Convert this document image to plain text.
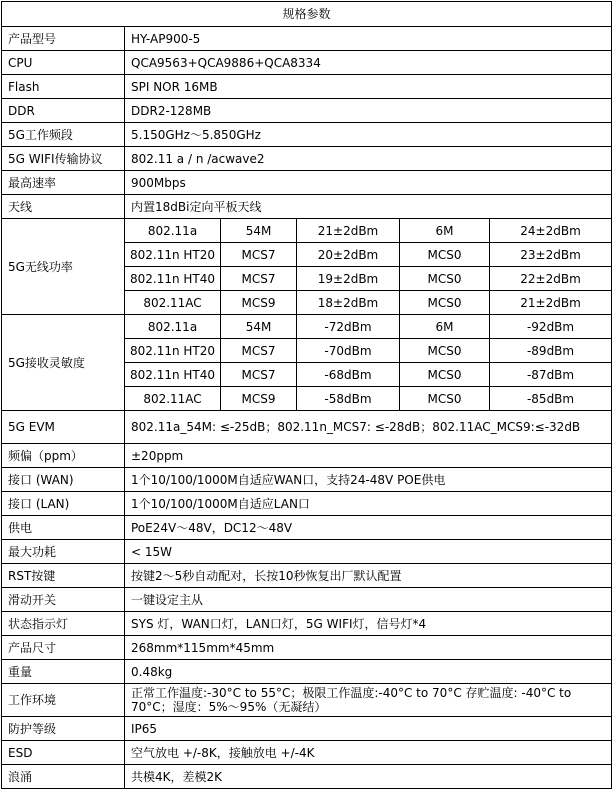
规格参数					
产品型号	HY-AP900-5				
CPU	QCA9563+QCA9886+QCA8334				
Flash	SPI NOR 16MB				
DDR	DDR2-128MB				
5G工作频段	5.150GHz～5.850GHz				
5G WIFI传输协议	802.11 a / n /acwave2				
最高速率	900Mbps				
天线	内置18dBi定向平板天线				
5G无线功率	802.11a	54M	21±2dBm	6M	24±2dBm
	802.11n HT20	MCS7	20±2dBm	MCS0	23±2dBm
	802.11n HT40	MCS7	19±2dBm	MCS0	22±2dBm
	802.11AC	MCS9	18±2dBm	MCS0	21±2dBm
5G接收灵敏度	802.11a	54M	-72dBm	6M	-92dBm
	802.11n HT20	MCS7	-70dBm	MCS0	-89dBm
	802.11n HT40	MCS7	-68dBm	MCS0	-87dBm
	802.11AC	MCS9	-58dBm	MCS0	-85dBm
5G EVM	802.11a_54M: ≤-25dB；802.11n_MCS7: ≤-28dB；802.11AC_MCS9:≤-32dB				
频偏（ppm）	±20ppm				
接口 (WAN)	1个10/100/1000M自适应WAN口，支持24-48V POE供电				
接口 (LAN)	1个10/100/1000M自适应LAN口				
供电	PoE24V～48V，DC12～48V				
最大功耗	< 15W				
RST按键	按键2～5秒自动配对，长按10秒恢复出厂默认配置				
滑动开关	一键设定主从				
状态指示灯	SYS 灯，WAN口灯，LAN口灯，5G WIFI灯，信号灯*4				
产品尺寸	268mm*115mm*45mm				
重量	0.48kg				
工作环境	正常工作温度:-30°C to 55°C；极限工作温度:-40°C to 70°C 存贮温度: -40°C to 70°C；湿度：5%～95%（无凝结）				
防护等级	IP65				
ESD	空气放电 +/-8K，接触放电 +/-4K				
浪涌	共模4K，差模2K				
